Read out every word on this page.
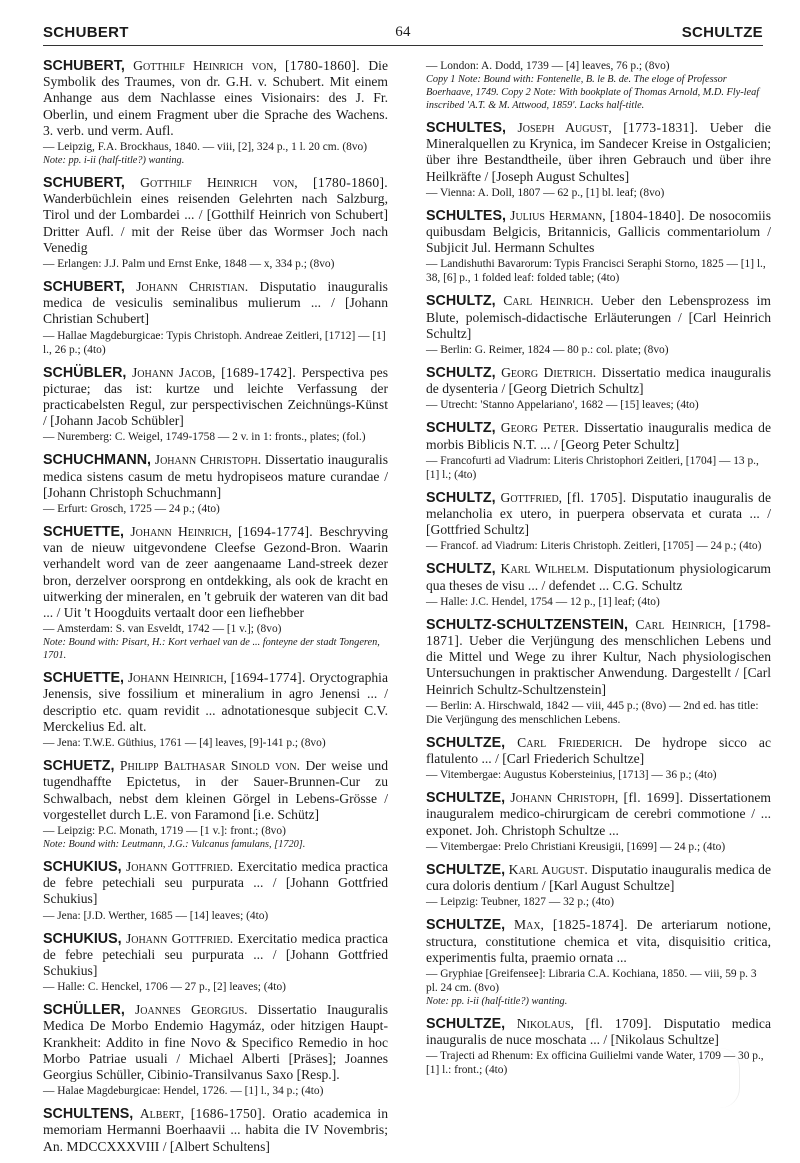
SCHUBERT	64	SCHULTZE

SCHUBERT, Gotthilf Heinrich von, [1780-1860]. Die Symbolik des Traumes, von dr. G.H. v. Schubert. Mit einem Anhange aus dem Nachlasse eines Visionairs: des J. Fr. Oberlin, und einem Fragment uber die Sprache des Wachens. 3. verb. und verm. Aufl.

— Leipzig, F.A. Brockhaus, 1840. — viii, [2], 324 p., 1 l. 20 cm. (8vo)

Note: pp. i-ii (half-title?) wanting.

SCHUBERT, Gotthilf Heinrich von, [1780-1860]. Wanderbüchlein eines reisenden Gelehrten nach Salzburg, Tirol und der Lombardei ... / [Gotthilf Heinrich von Schubert] Dritter Aufl. / mit der Reise über das Wormser Joch nach Venedig

— Erlangen: J.J. Palm und Ernst Enke, 1848 — x, 334 p.; (8vo)

SCHUBERT, Johann Christian. Disputatio inauguralis medica de vesiculis seminalibus mulierum ... / [Johann Christian Schubert]

— Hallae Magdeburgicae: Typis Christoph. Andreae Zeitleri, [1712] — [1] l., 26 p.; (4to)

SCHÜBLER, Johann Jacob, [1689-1742]. Perspectiva pes picturae; das ist: kurtze und leichte Verfassung der practicabelsten Regul, zur perspectivischen Zeichnüngs-Künst / [Johann Jacob Schübler]

— Nuremberg: C. Weigel, 1749-1758 — 2 v. in 1: fronts., plates; (fol.)

SCHUCHMANN, Johann Christoph. Dissertatio inauguralis medica sistens casum de metu hydropiseos mature curandae / [Johann Christoph Schuchmann]

— Erfurt: Grosch, 1725 — 24 p.; (4to)

SCHUETTE, Johann Heinrich, [1694-1774]. Beschryving van de nieuw uitgevondene Cleefse Gezond-Bron. Waarin verhandelt word van de zeer aangenaame Land-streek dezer bron, derzelver oorsprong en ontdekking, als ook de kracht en uitwerking der mineralen, en 't gebruik der wateren van dit bad ... / Uit 't Hoogduits vertaalt door een liefhebber

— Amsterdam: S. van Esveldt, 1742 — [1 v.]; (8vo)

Note: Bound with: Pisart, H.: Kort verhael van de ... fonteyne der stadt Tongeren, 1701.

SCHUETTE, Johann Heinrich, [1694-1774]. Oryctographia Jenensis, sive fossilium et mineralium in agro Jenensi ... / descriptio etc. quam revidit ... adnotationesque subjecit C.V. Merckelius Ed. alt.

— Jena: T.W.E. Güthius, 1761 — [4] leaves, [9]-141 p.; (8vo)

SCHUETZ, Philipp Balthasar Sinold von. Der weise und tugendhaffte Epictetus, in der Sauer-Brunnen-Cur zu Schwalbach, nebst dem kleinen Görgel in Lebens-Grösse / vorgestellet durch L.E. von Faramond [i.e. Schütz]

— Leipzig: P.C. Monath, 1719 — [1 v.]: front.; (8vo)

Note: Bound with: Leutmann, J.G.: Vulcanus famulans, [1720].

SCHUKIUS, Johann Gottfried. Exercitatio medica practica de febre petechiali seu purpurata ... / [Johann Gottfried Schukius]

— Jena: [J.D. Werther, 1685 — [14] leaves; (4to)

SCHUKIUS, Johann Gottfried. Exercitatio medica practica de febre petechiali seu purpurata ... / [Johann Gottfried Schukius]

— Halle: C. Henckel, 1706 — 27 p., [2] leaves; (4to)

SCHÜLLER, Joannes Georgius. Dissertatio Inauguralis Medica De Morbo Endemio Hagymáz, oder hitzigen Haupt-Krankheit: Addito in fine Novo & Specifico Remedio in hoc Morbo Patriae usuali / Michael Alberti [Präses]; Joannes Georgius Schüller, Cibinio-Transilvanus Saxo [Resp.].

— Halae Magdeburgicae: Hendel, 1726. — [1] l., 34 p.; (4to)

SCHULTENS, Albert, [1686-1750]. Oratio academica in memoriam Hermanni Boerhaavii ... habita die IV Novembris; An. MDCCXXXVIII / [Albert Schultens]

— London: A. Dodd, 1739 — [4] leaves, 76 p.; (8vo)

Copy 1 Note: Bound with: Fontenelle, B. le B. de. The eloge of Professor Boerhaave, 1749. Copy 2 Note: With bookplate of Thomas Arnold, M.D. Fly-leaf inscribed 'A.T. & M. Attwood, 1859'. Lacks half-title.

SCHULTES, Joseph August, [1773-1831]. Ueber die Mineralquellen zu Krynica, im Sandecer Kreise in Ostgalicien; über ihre Bestandtheile, über ihren Gebrauch und über ihre Heilkräfte / [Joseph August Schultes]

— Vienna: A. Doll, 1807 — 62 p., [1] bl. leaf; (8vo)

SCHULTES, Julius Hermann, [1804-1840]. De nosocomiis quibusdam Belgicis, Britannicis, Gallicis commentariolum / Subjicit Jul. Hermann Schultes

— Landishuthi Bavarorum: Typis Francisci Seraphi Storno, 1825 — [1] l., 38, [6] p., 1 folded leaf: folded table; (4to)

SCHULTZ, Carl Heinrich. Ueber den Lebensprozess im Blute, polemisch-didactische Erläuterungen / [Carl Heinrich Schultz]

— Berlin: G. Reimer, 1824 — 80 p.: col. plate; (8vo)

SCHULTZ, Georg Dietrich. Dissertatio medica inauguralis de dysenteria / [Georg Dietrich Schultz]

— Utrecht: 'Stanno Appelariano', 1682 — [15] leaves; (4to)

SCHULTZ, Georg Peter. Dissertatio inauguralis medica de morbis Biblicis N.T. ... / [Georg Peter Schultz]

— Francofurti ad Viadrum: Literis Christophori Zeitleri, [1704] — 13 p., [1] l.; (4to)

SCHULTZ, Gottfried, [fl. 1705]. Disputatio inauguralis de melancholia ex utero, in puerpera observata et curata ... / [Gottfried Schultz]

— Francof. ad Viadrum: Literis Christoph. Zeitleri, [1705] — 24 p.; (4to)

SCHULTZ, Karl Wilhelm. Disputationum physiologicarum qua theses de visu ... / defendet ... C.G. Schultz

— Halle: J.C. Hendel, 1754 — 12 p., [1] leaf; (4to)

SCHULTZ-SCHULTZENSTEIN, Carl Heinrich, [1798-1871]. Ueber die Verjüngung des menschlichen Lebens und die Mittel und Wege zu ihrer Kultur, Nach physiologischen Untersuchungen in praktischer Anwendung. Dargestellt / [Carl Heinrich Schultz-Schultzenstein]

— Berlin: A. Hirschwald, 1842 — viii, 445 p.; (8vo) — 2nd ed. has title: Die Verjüngung des menschlichen Lebens.

SCHULTZE, Carl Friederich. De hydrope sicco ac flatulento ... / [Carl Friederich Schultze]

— Vitembergae: Augustus Kobersteinius, [1713] — 36 p.; (4to)

SCHULTZE, Johann Christoph, [fl. 1699]. Dissertationem inauguralem medico-chirurgicam de cerebri commotione / ... exponet. Joh. Christoph Schultze ...

— Vitembergae: Prelo Christiani Kreusigii, [1699] — 24 p.; (4to)

SCHULTZE, Karl August. Disputatio inauguralis medica de cura doloris dentium / [Karl August Schultze]

— Leipzig: Teubner, 1827 — 32 p.; (4to)

SCHULTZE, Max, [1825-1874]. De arteriarum notione, structura, constitutione chemica et vita, disquisitio critica, experimentis fulta, praemio ornata ...

— Gryphiae [Greifensee]: Libraria C.A. Kochiana, 1850. — viii, 59 p. 3 pl. 24 cm. (8vo)

Note: pp. i-ii (half-title?) wanting.

SCHULTZE, Nikolaus, [fl. 1709]. Disputatio medica inauguralis de nuce moschata ... / [Nikolaus Schultze]

— Trajecti ad Rhenum: Ex officina Guilielmi vande Water, 1709 — 30 p., [1] l.: front.; (4to)
